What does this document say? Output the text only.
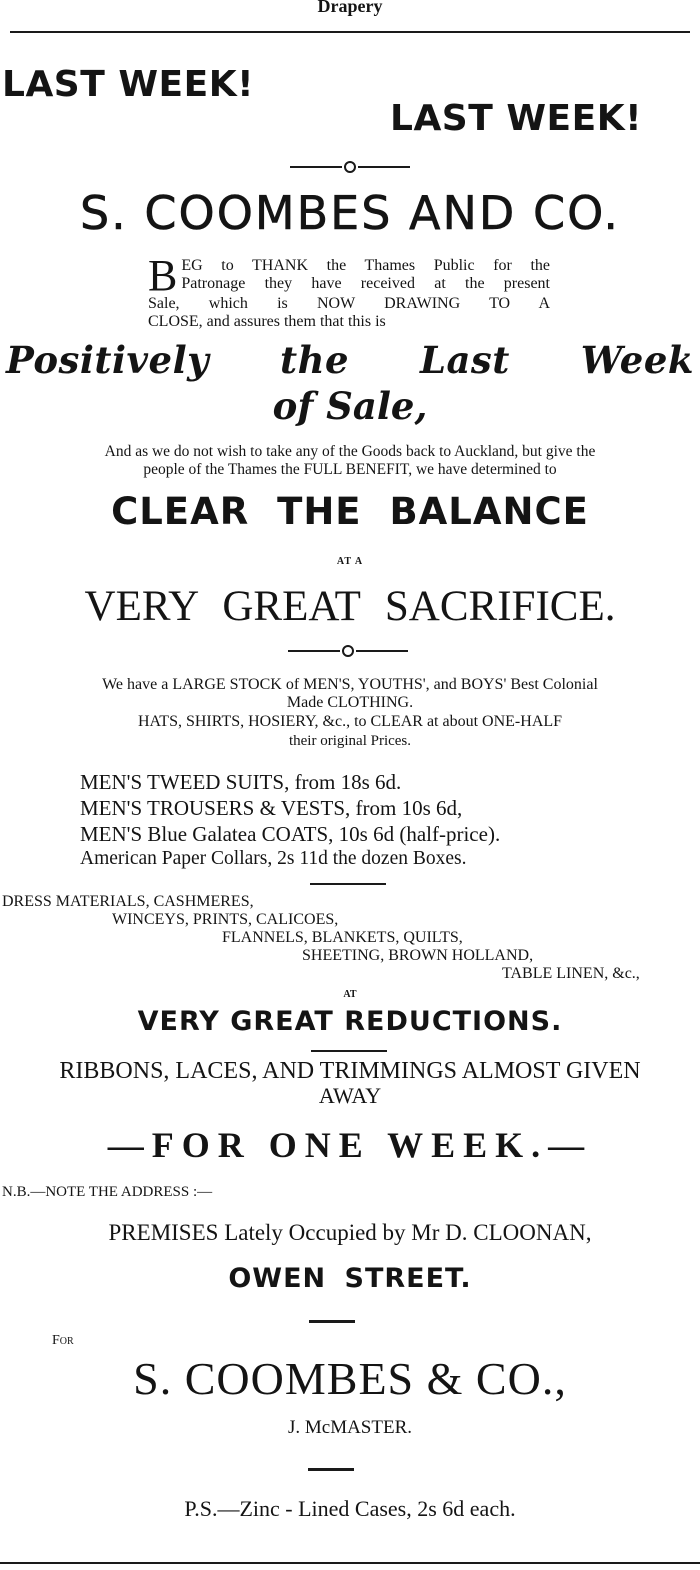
Drapery
LAST WEEK!
LAST WEEK!
S. COOMBES AND CO.
B EG to THANK the Thames Public for the
Patronage they have received at the present
Sale, which is NOW DRAWING TO A
CLOSE, and assures them that this is
Positively the Last Week
of Sale,
And as we do not wish to take any of the Goods back to Auckland, but give the
people of the Thames the FULL BENEFIT, we have determined to
CLEAR THE BALANCE
AT A
VERY GREAT SACRIFICE.
We have a LARGE STOCK of MEN'S, YOUTHS', and BOYS' Best Colonial
Made CLOTHING.
HATS, SHIRTS, HOSIERY, &c., to CLEAR at about ONE-HALF
their original Prices.
MEN'S TWEED SUITS, from 18s 6d.
MEN'S TROUSERS & VESTS, from 10s 6d,
MEN'S Blue Galatea COATS, 10s 6d (half-price).
American Paper Collars, 2s 11d the dozen Boxes.
DRESS MATERIALS, CASHMERES,
WINCEYS, PRINTS, CALICOES,
FLANNELS, BLANKETS, QUILTS,
SHEETING, BROWN HOLLAND,
TABLE LINEN, &c.,
AT
VERY GREAT REDUCTIONS.
RIBBONS, LACES, AND TRIMMINGS ALMOST GIVEN
AWAY
—FOR ONE WEEK.—
N.B.—NOTE THE ADDRESS :—
PREMISES Lately Occupied by Mr D. CLOONAN,
OWEN STREET.
For
S. COOMBES & CO.,
J. McMASTER.
P.S.—Zinc - Lined Cases, 2s 6d each.
